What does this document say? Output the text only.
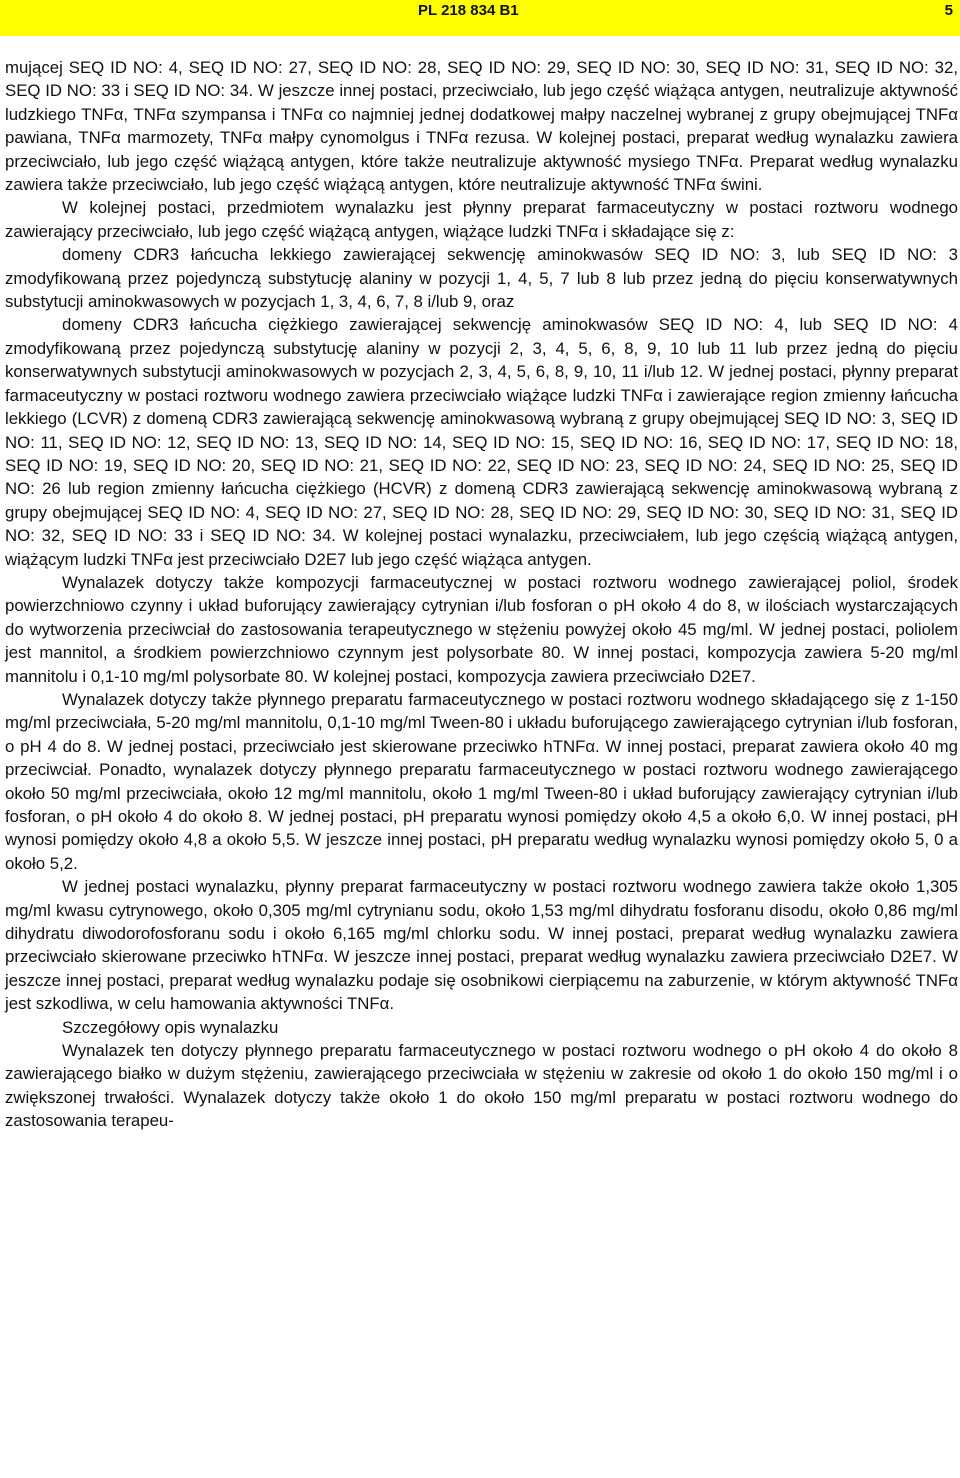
PL 218 834 B1	5

mującej SEQ ID NO: 4, SEQ ID NO: 27, SEQ ID NO: 28, SEQ ID NO: 29, SEQ ID NO: 30, SEQ ID NO: 31, SEQ ID NO: 32, SEQ ID NO: 33 i SEQ ID NO: 34. W jeszcze innej postaci, przeciwciało, lub jego część wiążąca antygen, neutralizuje aktywność ludzkiego TNFα, TNFα szympansa i TNFα co najmniej jednej dodatkowej małpy naczelnej wybranej z grupy obejmującej TNFα pawiana, TNFα marmozety, TNFα małpy cynomolgus i TNFα rezusa. W kolejnej postaci, preparat według wynalazku zawiera przeciwciało, lub jego część wiążącą antygen, które także neutralizuje aktywność mysiego TNFα. Preparat według wynalazku zawiera także przeciwciało, lub jego część wiążącą antygen, które neutralizuje aktywność TNFα świni.

W kolejnej postaci, przedmiotem wynalazku jest płynny preparat farmaceutyczny w postaci roztworu wodnego zawierający przeciwciało, lub jego część wiążącą antygen, wiążące ludzki TNFα i składające się z:

domeny CDR3 łańcucha lekkiego zawierającej sekwencję aminokwasów SEQ ID NO: 3, lub SEQ ID NO: 3 zmodyfikowaną przez pojedynczą substytucję alaniny w pozycji 1, 4, 5, 7 lub 8 lub przez jedną do pięciu konserwatywnych substytucji aminokwasowych w pozycjach 1, 3, 4, 6, 7, 8 i/lub 9, oraz

domeny CDR3 łańcucha ciężkiego zawierającej sekwencję aminokwasów SEQ ID NO: 4, lub SEQ ID NO: 4 zmodyfikowaną przez pojedynczą substytucję alaniny w pozycji 2, 3, 4, 5, 6, 8, 9, 10 lub 11 lub przez jedną do pięciu konserwatywnych substytucji aminokwasowych w pozycjach 2, 3, 4, 5, 6, 8, 9, 10, 11 i/lub 12. W jednej postaci, płynny preparat farmaceutyczny w postaci roztworu wodnego zawiera przeciwciało wiążące ludzki TNFα i zawierające region zmienny łańcucha lekkiego (LCVR) z domeną CDR3 zawierającą sekwencję aminokwasową wybraną z grupy obejmującej SEQ ID NO: 3, SEQ ID NO: 11, SEQ ID NO: 12, SEQ ID NO: 13, SEQ ID NO: 14, SEQ ID NO: 15, SEQ ID NO: 16, SEQ ID NO: 17, SEQ ID NO: 18, SEQ ID NO: 19, SEQ ID NO: 20, SEQ ID NO: 21, SEQ ID NO: 22, SEQ ID NO: 23, SEQ ID NO: 24, SEQ ID NO: 25, SEQ ID NO: 26 lub region zmienny łańcucha ciężkiego (HCVR) z domeną CDR3 zawierającą sekwencję aminokwasową wybraną z grupy obejmującej SEQ ID NO: 4, SEQ ID NO: 27, SEQ ID NO: 28, SEQ ID NO: 29, SEQ ID NO: 30, SEQ ID NO: 31, SEQ ID NO: 32, SEQ ID NO: 33 i SEQ ID NO: 34. W kolejnej postaci wynalazku, przeciwciałem, lub jego częścią wiążącą antygen, wiążącym ludzki TNFα jest przeciwciało D2E7 lub jego część wiążąca antygen.

Wynalazek dotyczy także kompozycji farmaceutycznej w postaci roztworu wodnego zawierającej poliol, środek powierzchniowo czynny i układ buforujący zawierający cytrynian i/lub fosforan o pH około 4 do 8, w ilościach wystarczających do wytworzenia przeciwciał do zastosowania terapeutycznego w stężeniu powyżej około 45 mg/ml. W jednej postaci, poliolem jest mannitol, a środkiem powierzchniowo czynnym jest polysorbate 80. W innej postaci, kompozycja zawiera 5-20 mg/ml mannitolu i 0,1-10 mg/ml polysorbate 80. W kolejnej postaci, kompozycja zawiera przeciwciało D2E7.

Wynalazek dotyczy także płynnego preparatu farmaceutycznego w postaci roztworu wodnego składającego się z 1-150 mg/ml przeciwciała, 5-20 mg/ml mannitolu, 0,1-10 mg/ml Tween-80 i układu buforującego zawierającego cytrynian i/lub fosforan, o pH 4 do 8. W jednej postaci, przeciwciało jest skierowane przeciwko hTNFα. W innej postaci, preparat zawiera około 40 mg przeciwciał. Ponadto, wynalazek dotyczy płynnego preparatu farmaceutycznego w postaci roztworu wodnego zawierającego około 50 mg/ml przeciwciała, około 12 mg/ml mannitolu, około 1 mg/ml Tween-80 i układ buforujący zawierający cytrynian i/lub fosforan, o pH około 4 do około 8. W jednej postaci, pH preparatu wynosi pomiędzy około 4,5 a około 6,0. W innej postaci, pH wynosi pomiędzy około 4,8 a około 5,5. W jeszcze innej postaci, pH preparatu według wynalazku wynosi pomiędzy około 5, 0 a około 5,2.

W jednej postaci wynalazku, płynny preparat farmaceutyczny w postaci roztworu wodnego zawiera także około 1,305 mg/ml kwasu cytrynowego, około 0,305 mg/ml cytrynianu sodu, około 1,53 mg/ml dihydratu fosforanu disodu, około 0,86 mg/ml dihydratu diwodorofosforanu sodu i około 6,165 mg/ml chlorku sodu. W innej postaci, preparat według wynalazku zawiera przeciwciało skierowane przeciwko hTNFα. W jeszcze innej postaci, preparat według wynalazku zawiera przeciwciało D2E7. W jeszcze innej postaci, preparat według wynalazku podaje się osobnikowi cierpiącemu na zaburzenie, w którym aktywność TNFα jest szkodliwa, w celu hamowania aktywności TNFα.

Szczegółowy opis wynalazku

Wynalazek ten dotyczy płynnego preparatu farmaceutycznego w postaci roztworu wodnego o pH około 4 do około 8 zawierającego białko w dużym stężeniu, zawierającego przeciwciała w stężeniu w zakresie od około 1 do około 150 mg/ml i o zwiększonej trwałości. Wynalazek dotyczy także około 1 do około 150 mg/ml preparatu w postaci roztworu wodnego do zastosowania terapeu-
